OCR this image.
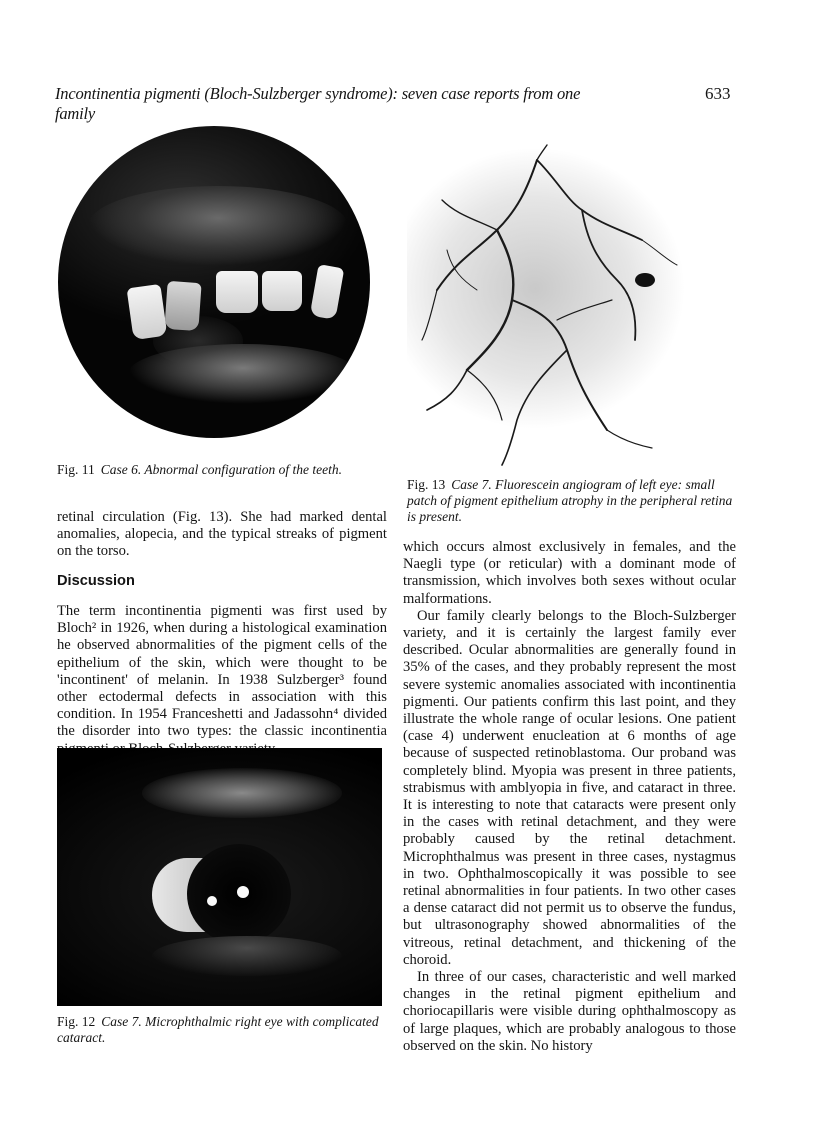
Incontinentia pigmenti (Bloch-Sulzberger syndrome): seven case reports from one family
633
Fig. 11 Case 6. Abnormal configuration of the teeth.
Fig. 13 Case 7. Fluorescein angiogram of left eye: small patch of pigment epithelium atrophy in the peripheral retina is present.

retinal circulation (Fig. 13). She had marked dental anomalies, alopecia, and the typical streaks of pigment on the torso.

Discussion

The term incontinentia pigmenti was first used by Bloch² in 1926, when during a histological examination he observed abnormalities of the pigment cells of the epithelium of the skin, which were thought to be 'incontinent' of melanin. In 1938 Sulzberger³ found other ectodermal defects in association with this condition. In 1954 Franceshetti and Jadassohn⁴ divided the disorder into two types: the classic incontinentia

Fig. 12 Case 7. Microphthalmic right eye with complicated cataract.

which occurs almost exclusively in females, and the Naegli type (or reticular) with a dominant mode of transmission, which involves both sexes without ocular malformations.

Our family clearly belongs to the Bloch-Sulzberger variety, and it is certainly the largest family ever described. Ocular abnormalities are generally found in 35% of the cases, and they probably represent the most severe systemic anomalies associated with incontinentia pigmenti. Our patients confirm this last point, and they illustrate the whole range of ocular lesions. One patient (case 4) underwent enucleation at 6 months of age because of suspected retinoblastoma. Our proband was completely blind. Myopia was present in three patients, strabismus with amblyopia in five, and cataract in three. It is interesting to note that cataracts were present only in the cases with retinal detachment, and they were probably caused by the retinal detachment. Microphthalmus was present in three cases, nystagmus in two. Ophthalmoscopically it was possible to see retinal abnormalities in four patients. In two other cases a dense cataract did not permit us to observe the fundus, but ultrasonography showed abnormalities of the vitreous, retinal detachment, and thickening of the choroid.

In three of our cases, characteristic and well marked changes in the retinal pigment epithelium and choriocapillaris were visible during ophthalmoscopy as of large plaques, which are probably analogous to those observed on the skin. No history
